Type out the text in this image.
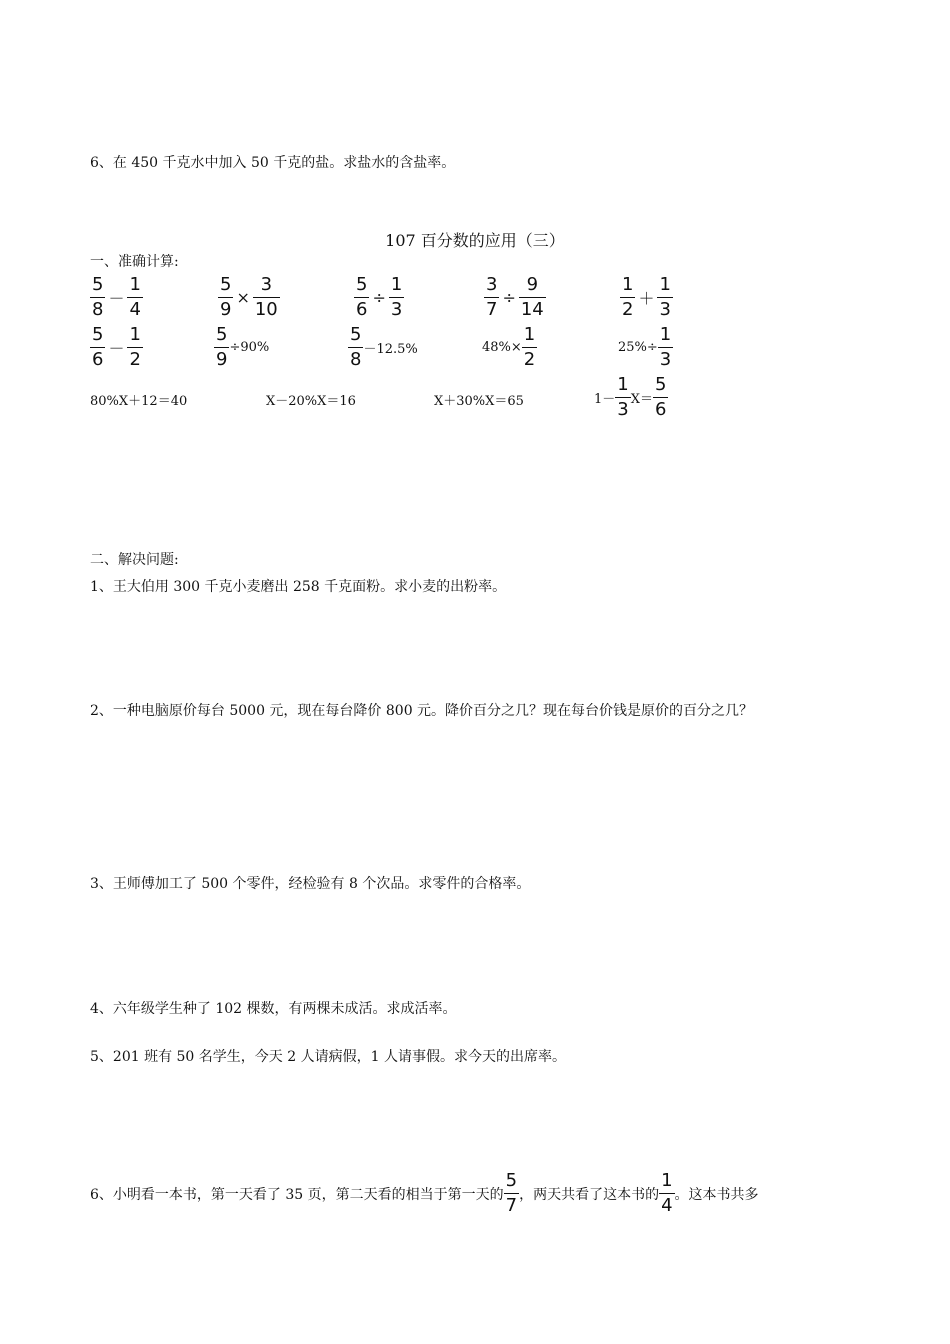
6、在 450 千克水中加入 50 千克的盐。求盐水的含盐率。
107 百分数的应用（三）
一、准确计算:
$\frac{5}{8} - \frac{1}{4}$	$\frac{5}{9} \times \frac{3}{10}$	$\frac{5}{6} \div \frac{1}{3}$	$\frac{3}{7} \div \frac{9}{14}$	$\frac{1}{2} + \frac{1}{3}$
$\frac{5}{6} - \frac{1}{2}$	$\frac{5}{9} \div 90\%$	$\frac{5}{8} -12.5\%$	$48\%\times \frac{1}{2}$	$25\%\div \frac{1}{3}$
80%X＋12＝40	X－20%X＝16	X＋30%X＝65	$1- \frac{1}{3} X= \frac{5}{6}$
二、解决问题:
1、王大伯用 300 千克小麦磨出 258 千克面粉。求小麦的出粉率。
2、一种电脑原价每台 5000 元，现在每台降价 800 元。降价百分之几？现在每台价钱是原价的百分之几？
3、王师傅加工了 500 个零件，经检验有 8 个次品。求零件的合格率。
4、六年级学生种了 102 棵数，有两棵未成活。求成活率。
5、201 班有 50 名学生，今天 2 人请病假，1 人请事假。求今天的出席率。
6、小明看一本书，第一天看了 35 页，第二天看的相当于第一天的 $\frac{5}{7}$ ，两天共看了这本书的 $\frac{1}{4}$ 。这本书共多
